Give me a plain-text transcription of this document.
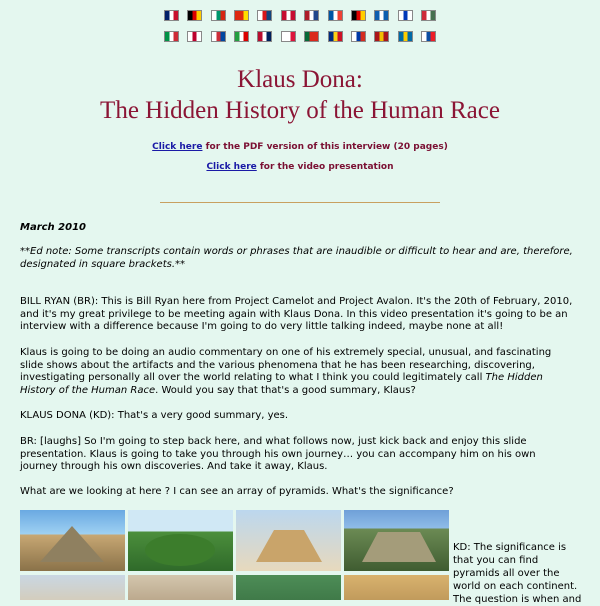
Klaus Dona:
The Hidden History of the Human Race
Click here for the PDF version of this interview (20 pages)
Click here for the video presentation
March 2010
**Ed note: Some transcripts contain words or phrases that are inaudible or difficult to hear and are, therefore, designated in square brackets.**
BILL RYAN (BR): This is Bill Ryan here from Project Camelot and Project Avalon. It's the 20th of February, 2010, and it's my great privilege to be meeting again with Klaus Dona. In this video presentation it's going to be an interview with a difference because I'm going to do very little talking indeed, maybe none at all!
Klaus is going to be doing an audio commentary on one of his extremely special, unusual, and fascinating slide shows about the artifacts and the various phenomena that he has been researching, discovering, investigating personally all over the world relating to what I think you could legitimately call The Hidden History of the Human Race. Would you say that that's a good summary, Klaus?
KLAUS DONA (KD): That's a very good summary, yes.
BR: [laughs] So I'm going to step back here, and what follows now, just kick back and enjoy this slide presentation. Klaus is going to take you through his own journey… you can accompany him on his own journey through his own discoveries. And take it away, Klaus.
What are we looking at here ? I can see an array of pyramids. What's the significance?
KD: The significance is that you can find pyramids all over the world on each continent. The question is when and
